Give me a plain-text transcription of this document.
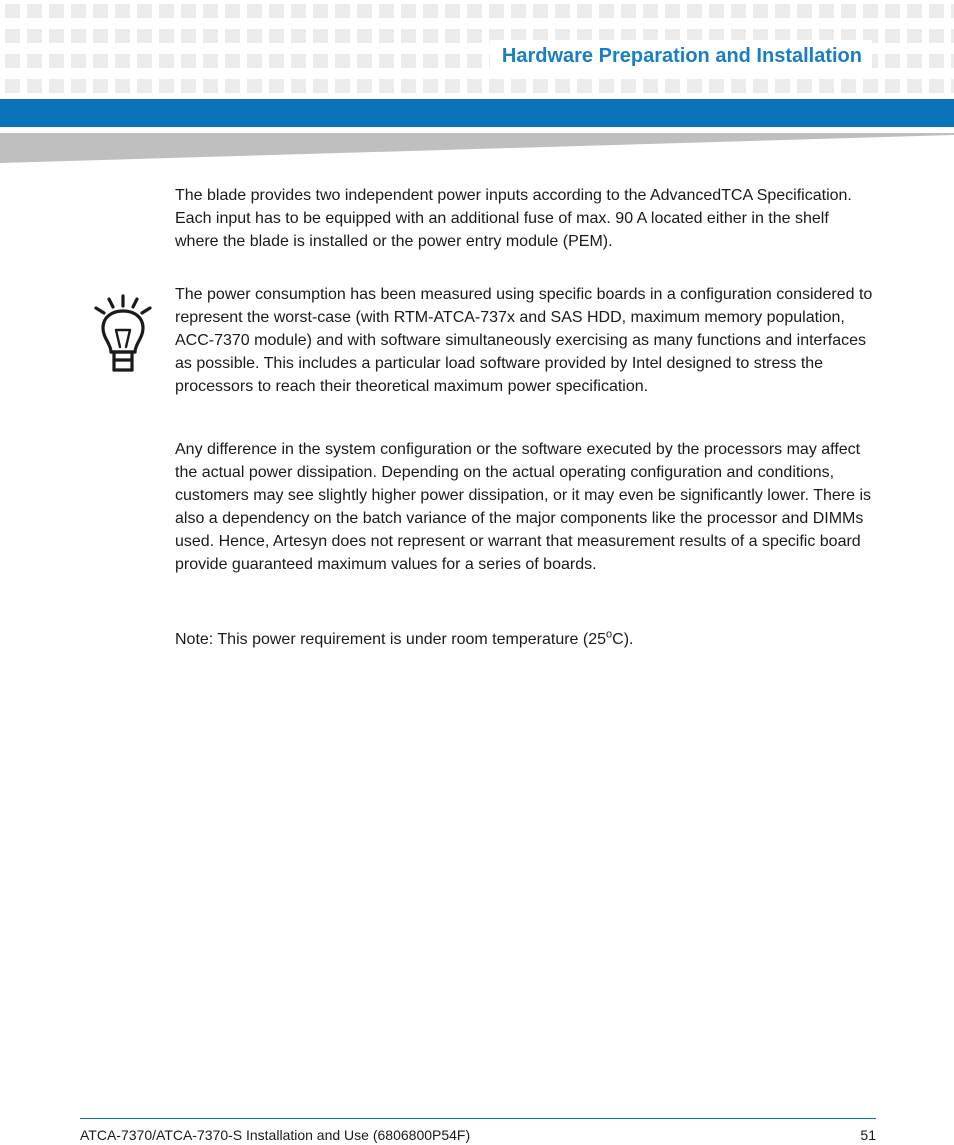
Hardware Preparation and Installation
The blade provides two independent power inputs according to the AdvancedTCA Specification. Each input has to be equipped with an additional fuse of max. 90 A located either in the shelf where the blade is installed or the power entry module (PEM).
The power consumption has been measured using specific boards in a configuration considered to represent the worst-case (with RTM-ATCA-737x and SAS HDD, maximum memory population, ACC-7370 module) and with software simultaneously exercising as many functions and interfaces as possible. This includes a particular load software provided by Intel designed to stress the processors to reach their theoretical maximum power specification.
Any difference in the system configuration or the software executed by the processors may affect the actual power dissipation. Depending on the actual operating configuration and conditions, customers may see slightly higher power dissipation, or it may even be significantly lower. There is also a dependency on the batch variance of the major components like the processor and DIMMs used. Hence, Artesyn does not represent or warrant that measurement results of a specific board provide guaranteed maximum values for a series of boards.
Note: This power requirement is under room temperature (25$^o$C).
ATCA-7370/ATCA-7370-S Installation and Use (6806800P54F)	51
